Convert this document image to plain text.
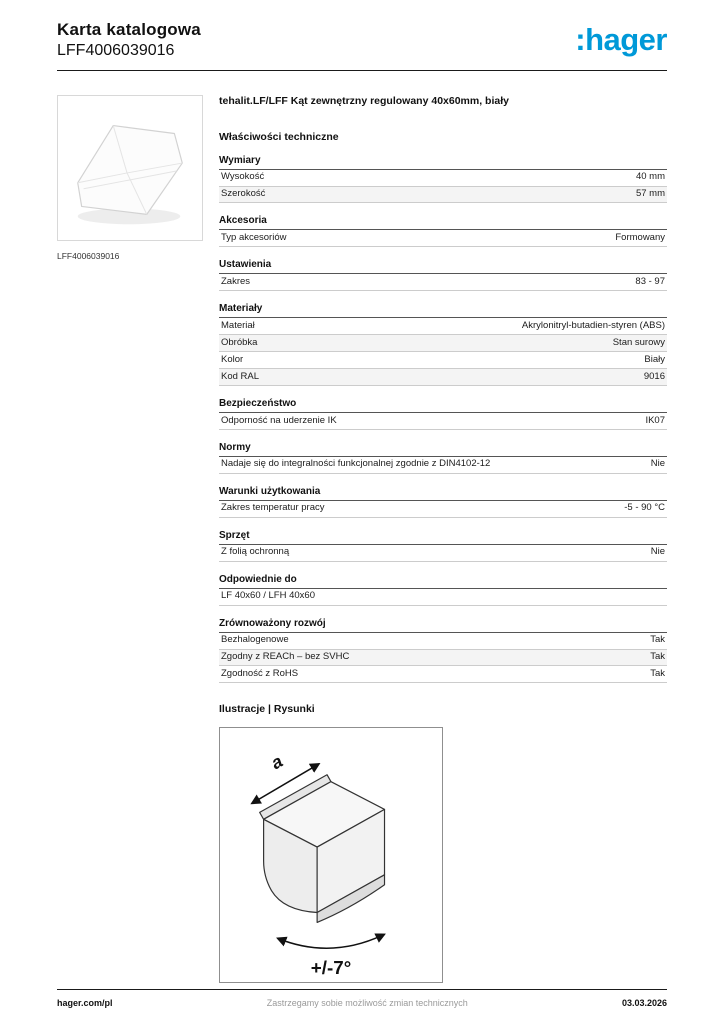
Karta katalogowa
LFF4006039016	:hager
LFF4006039016
tehalit.LF/LFF Kąt zewnętrzny regulowany 40x60mm, biały
Właściwości techniczne
Wymiary
Wysokość	40 mm
Szerokość	57 mm
Akcesoria
Typ akcesoriów	Formowany
Ustawienia
Zakres	83 - 97
Materiały
Materiał	Akrylonitryl-butadien-styren (ABS)
Obróbka	Stan surowy
Kolor	Biały
Kod RAL	9016
Bezpieczeństwo
Odporność na uderzenie IK	IK07
Normy
Nadaje się do integralności funkcjonalnej zgodnie z DIN4102-12	Nie
Warunki użytkowania
Zakres temperatur pracy	-5 - 90 °C
Sprzęt
Z folią ochronną	Nie
Odpowiednie do
LF 40x60 / LFH 40x60
Zrównoważony rozwój
Bezhalogenowe	Tak
Zgodny z REACh – bez SVHC	Tak
Zgodność z RoHS	Tak
Ilustracje | Rysunki
a
+/-7°
hager.com/pl	Zastrzegamy sobie możliwość zmian technicznych	03.03.2026
